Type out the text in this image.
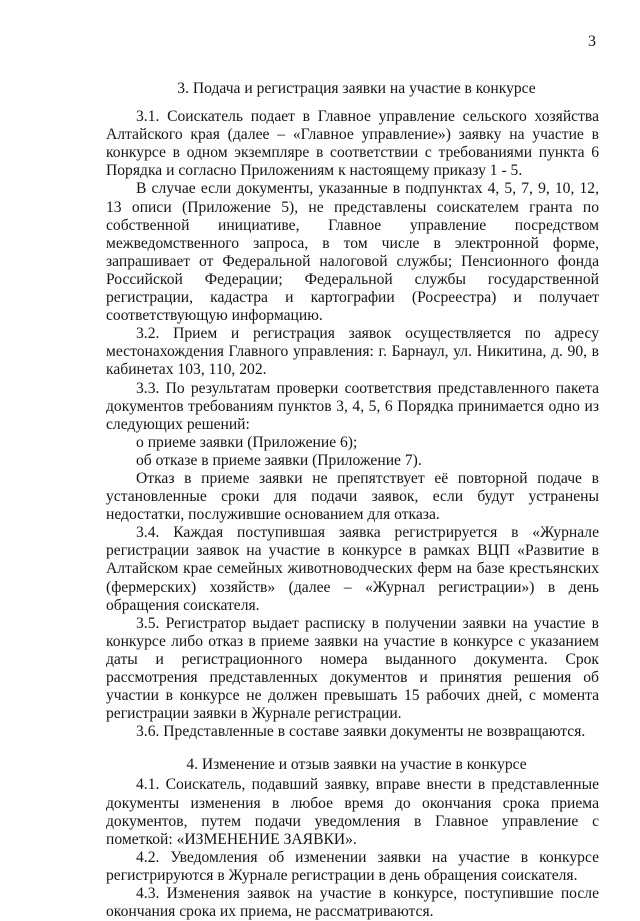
3
3. Подача и регистрация заявки на участие в конкурсе

3.1. Соискатель подает в Главное управление сельского хозяйства Алтайского края (далее – «Главное управление») заявку на участие в конкурсе в одном экземпляре в соответствии с требованиями пункта 6 Порядка и согласно Приложениям к настоящему приказу 1 - 5.

В случае если документы, указанные в подпунктах 4, 5, 7, 9, 10, 12, 13 описи (Приложение 5), не представлены соискателем гранта по собственной инициативе, Главное управление посредством межведомственного запроса, в том числе в электронной форме, запрашивает от Федеральной налоговой службы; Пенсионного фонда Российской Федерации; Федеральной службы государственной регистрации, кадастра и картографии (Росреестра) и получает соответствующую информацию.

3.2. Прием и регистрация заявок осуществляется по адресу местонахождения Главного управления: г. Барнаул, ул. Никитина, д. 90, в кабинетах 103, 110, 202.

3.3. По результатам проверки соответствия представленного пакета документов требованиям пунктов 3, 4, 5, 6 Порядка принимается одно из следующих решений:

о приеме заявки (Приложение 6);

об отказе в приеме заявки (Приложение 7).

Отказ в приеме заявки не препятствует её повторной подаче в установленные сроки для подачи заявок, если будут устранены недостатки, послужившие основанием для отказа.

3.4. Каждая поступившая заявка регистрируется в «Журнале регистрации заявок на участие в конкурсе в рамках ВЦП «Развитие в Алтайском крае семейных животноводческих ферм на базе крестьянских (фермерских) хозяйств» (далее – «Журнал регистрации») в день обращения соискателя.

3.5. Регистратор выдает расписку в получении заявки на участие в конкурсе либо отказ в приеме заявки на участие в конкурсе с указанием даты и регистрационного номера выданного документа. Срок рассмотрения представленных документов и принятия решения об участии в конкурсе не должен превышать 15 рабочих дней, с момента регистрации заявки в Журнале регистрации.

3.6. Представленные в составе заявки документы не возвращаются.

4. Изменение и отзыв заявки на участие в конкурсе

4.1. Соискатель, подавший заявку, вправе внести в представленные документы изменения в любое время до окончания срока приема документов, путем подачи уведомления в Главное управление с пометкой: «ИЗМЕНЕНИЕ ЗАЯВКИ».

4.2. Уведомления об изменении заявки на участие в конкурсе регистрируются в Журнале регистрации в день обращения соискателя.

4.3. Изменения заявок на участие в конкурсе, поступившие после окончания срока их приема, не рассматриваются.
